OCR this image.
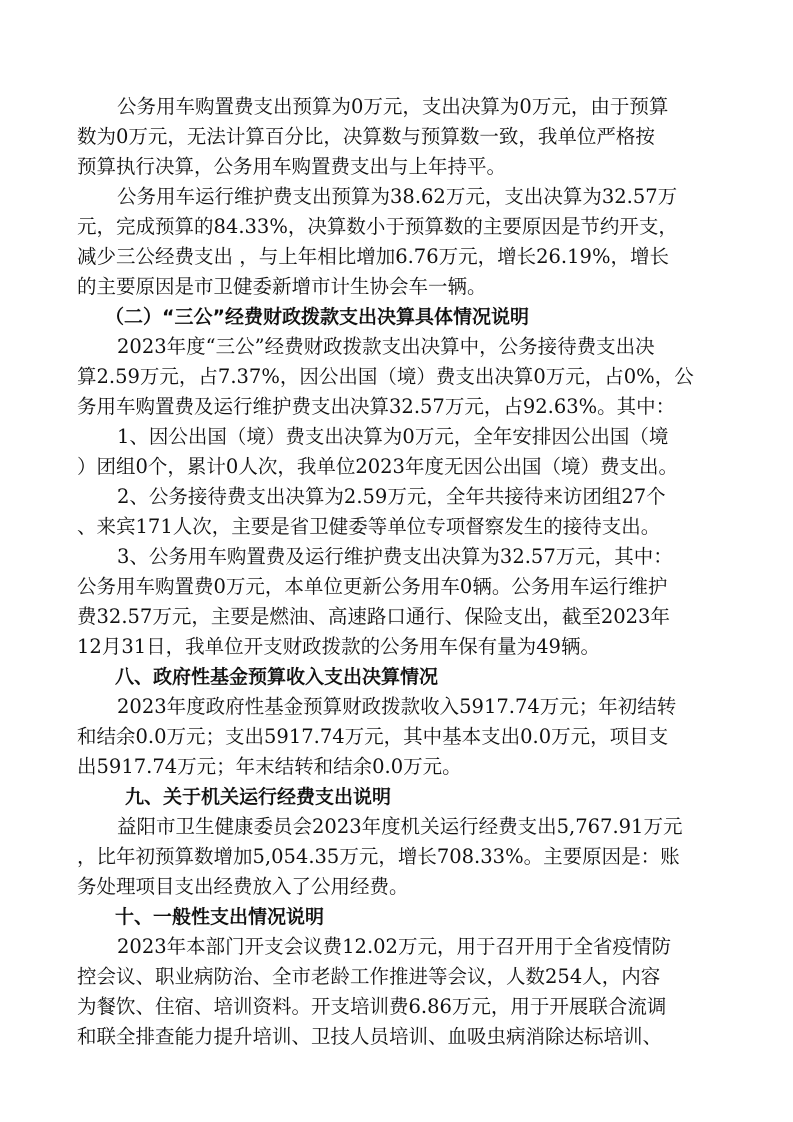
公务用车购置费支出预算为0万元，支出决算为0万元，由于预算
数为0万元，无法计算百分比，决算数与预算数一致，我单位严格按
预算执行决算，公务用车购置费支出与上年持平。
公务用车运行维护费支出预算为38.62万元，支出决算为32.57万
元，完成预算的84.33%，决算数小于预算数的主要原因是节约开支，
减少三公经费支出 ，与上年相比增加6.76万元，增长26.19%，增长
的主要原因是市卫健委新增市计生协会车一辆。
（二）“三公”经费财政拨款支出决算具体情况说明
2023年度“三公”经费财政拨款支出决算中，公务接待费支出决
算2.59万元，占7.37%，因公出国（境）费支出决算0万元，占0%，公
务用车购置费及运行维护费支出决算32.57万元，占92.63%。其中：
1、因公出国（境）费支出决算为0万元，全年安排因公出国（境
）团组0个，累计0人次，我单位2023年度无因公出国（境）费支出。
2、公务接待费支出决算为2.59万元，全年共接待来访团组27个
、来宾171人次，主要是省卫健委等单位专项督察发生的接待支出。
3、公务用车购置费及运行维护费支出决算为32.57万元，其中：
公务用车购置费0万元，本单位更新公务用车0辆。公务用车运行维护
费32.57万元，主要是燃油、高速路口通行、保险支出，截至2023年
12月31日，我单位开支财政拨款的公务用车保有量为49辆。
八、政府性基金预算收入支出决算情况
2023年度政府性基金预算财政拨款收入5917.74万元；年初结转
和结余0.0万元；支出5917.74万元，其中基本支出0.0万元，项目支
出5917.74万元；年末结转和结余0.0万元。
九、关于机关运行经费支出说明
益阳市卫生健康委员会2023年度机关运行经费支出5,767.91万元
，比年初预算数增加5,054.35万元，增长708.33%。主要原因是：账
务处理项目支出经费放入了公用经费。
十、一般性支出情况说明
2023年本部门开支会议费12.02万元，用于召开用于全省疫情防
控会议、职业病防治、全市老龄工作推进等会议，人数254人，内容
为餐饮、住宿、培训资料。开支培训费6.86万元，用于开展联合流调
和联全排查能力提升培训、卫技人员培训、血吸虫病消除达标培训、
